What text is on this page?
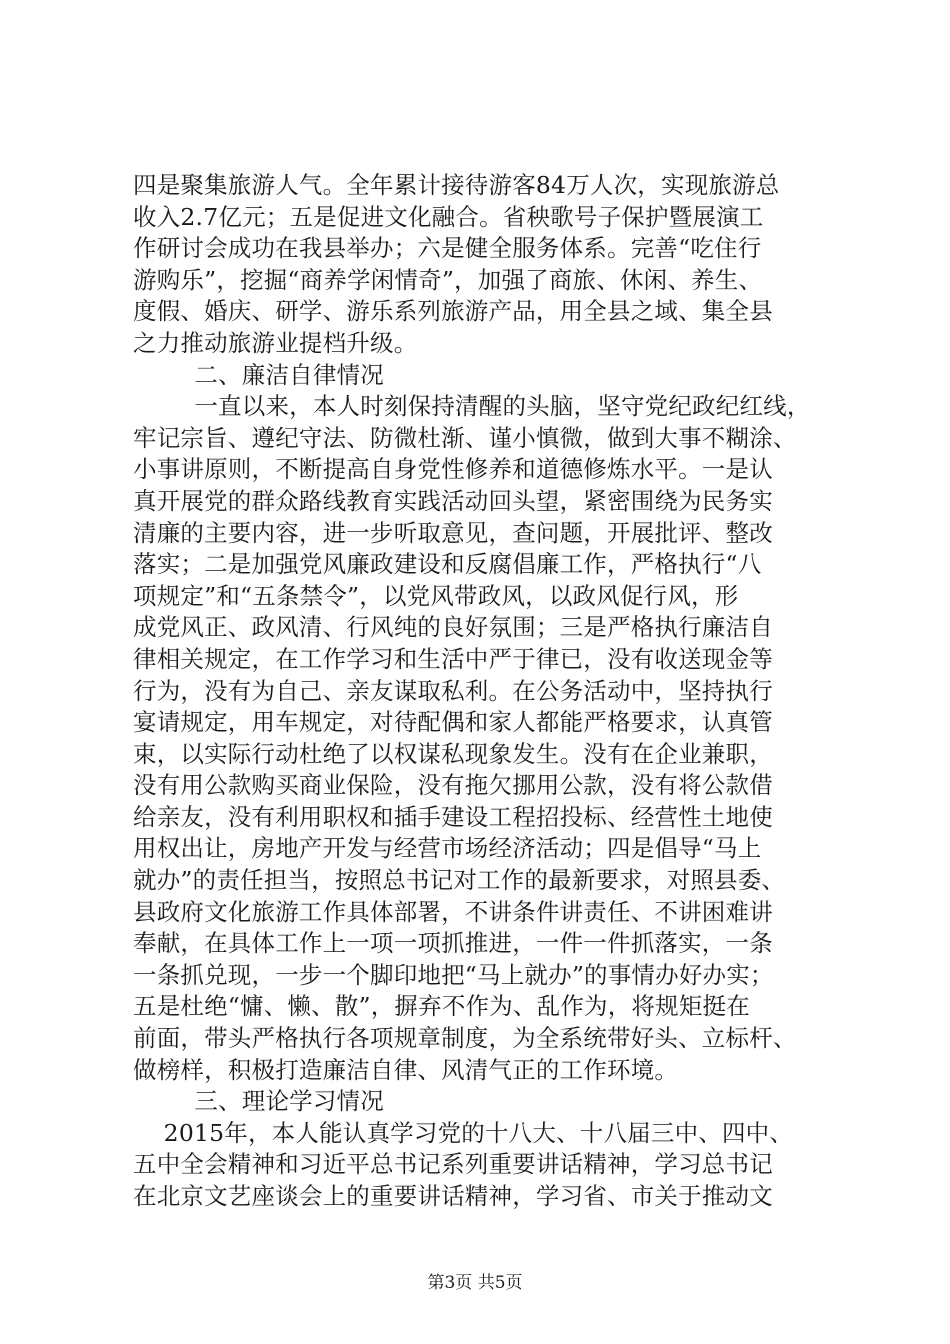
四是聚集旅游人气。全年累计接待游客84万人次，实现旅游总
收入2.7亿元；五是促进文化融合。省秧歌号子保护暨展演工
作研讨会成功在我县举办；六是健全服务体系。完善“吃住行
游购乐”，挖掘“商养学闲情奇”，加强了商旅、休闲、养生、
度假、婚庆、研学、游乐系列旅游产品，用全县之域、集全县
之力推动旅游业提档升级。
二、廉洁自律情况
一直以来，本人时刻保持清醒的头脑，坚守党纪政纪红线，
牢记宗旨、遵纪守法、防微杜渐、谨小慎微，做到大事不糊涂、
小事讲原则，不断提高自身党性修养和道德修炼水平。一是认
真开展党的群众路线教育实践活动回头望，紧密围绕为民务实
清廉的主要内容，进一步听取意见，查问题，开展批评、整改
落实；二是加强党风廉政建设和反腐倡廉工作，严格执行“八
项规定”和“五条禁令”，以党风带政风，以政风促行风，形
成党风正、政风清、行风纯的良好氛围；三是严格执行廉洁自
律相关规定，在工作学习和生活中严于律已，没有收送现金等
行为，没有为自己、亲友谋取私利。在公务活动中，坚持执行
宴请规定，用车规定，对待配偶和家人都能严格要求，认真管
束，以实际行动杜绝了以权谋私现象发生。没有在企业兼职，
没有用公款购买商业保险，没有拖欠挪用公款，没有将公款借
给亲友，没有利用职权和插手建设工程招投标、经营性土地使
用权出让，房地产开发与经营市场经济活动；四是倡导“马上
就办”的责任担当，按照总书记对工作的最新要求，对照县委、
县政府文化旅游工作具体部署，不讲条件讲责任、不讲困难讲
奉献，在具体工作上一项一项抓推进，一件一件抓落实，一条
一条抓兑现，一步一个脚印地把“马上就办”的事情办好办实；
五是杜绝“慵、懒、散”，摒弃不作为、乱作为，将规矩挺在
前面，带头严格执行各项规章制度，为全系统带好头、立标杆、
做榜样，积极打造廉洁自律、风清气正的工作环境。
三、理论学习情况
2015年，本人能认真学习党的十八大、十八届三中、四中、
五中全会精神和习近平总书记系列重要讲话精神，学习总书记
在北京文艺座谈会上的重要讲话精神，学习省、市关于推动文
第3页 共5页
